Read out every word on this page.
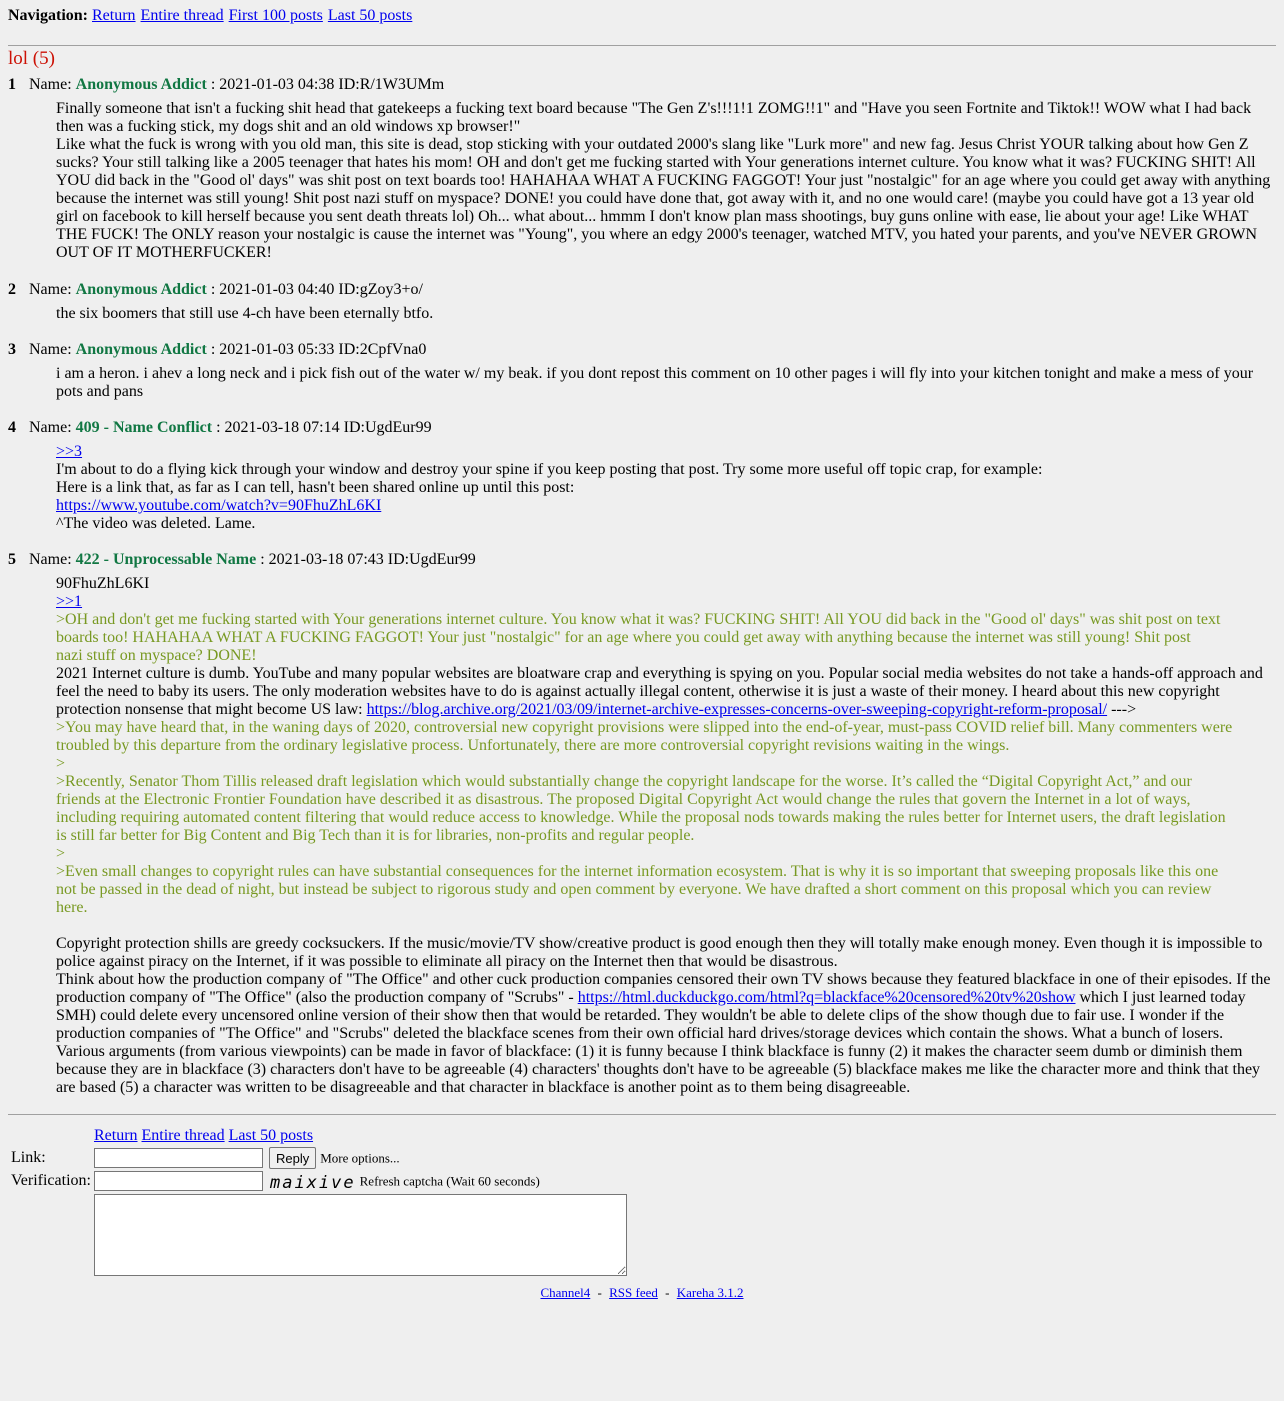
Navigation: Return Entire thread First 100 posts Last 50 posts
lol (5)
1 Name: Anonymous Addict : 2021-01-03 04:38 ID:R/1W3UMm

Finally someone that isn't a fucking shit head that gatekeeps a fucking text board because "The Gen Z's!!!1!1 ZOMG!!1" and "Have you seen Fortnite and Tiktok!! WOW what I had back then was a fucking stick, my dogs shit and an old windows xp browser!"

Like what the fuck is wrong with you old man, this site is dead, stop sticking with your outdated 2000's slang like "Lurk more" and new fag. Jesus Christ YOUR talking about how Gen Z sucks? Your still talking like a 2005 teenager that hates his mom! OH and don't get me fucking started with Your generations internet culture. You know what it was? FUCKING SHIT! All YOU did back in the "Good ol' days" was shit post on text boards too! HAHAHAA WHAT A FUCKING FAGGOT! Your just "nostalgic" for an age where you could get away with anything because the internet was still young! Shit post nazi stuff on myspace? DONE! you could have done that, got away with it, and no one would care! (maybe you could have got a 13 year old girl on facebook to kill herself because you sent death threats lol) Oh... what about... hmmm I don't know plan mass shootings, buy guns online with ease, lie about your age! Like WHAT THE FUCK! The ONLY reason your nostalgic is cause the internet was "Young", you where an edgy 2000's teenager, watched MTV, you hated your parents, and you've NEVER GROWN OUT OF IT MOTHERFUCKER!

2 Name: Anonymous Addict : 2021-01-03 04:40 ID:gZoy3+o/

the six boomers that still use 4-ch have been eternally btfo.

3 Name: Anonymous Addict : 2021-01-03 05:33 ID:2CpfVna0

i am a heron. i ahev a long neck and i pick fish out of the water w/ my beak. if you dont repost this comment on 10 other pages i will fly into your kitchen tonight and make a mess of your pots and pans

4 Name: 409 - Name Conflict : 2021-03-18 07:14 ID:UgdEur99

>>3

I'm about to do a flying kick through your window and destroy your spine if you keep posting that post. Try some more useful off topic crap, for example:

Here is a link that, as far as I can tell, hasn't been shared online up until this post:

https://www.youtube.com/watch?v=90FhuZhL6KI

^The video was deleted. Lame.

5 Name: 422 - Unprocessable Name : 2021-03-18 07:43 ID:UgdEur99

90FhuZhL6KI

>>1

>OH and don't get me fucking started with Your generations internet culture. You know what it was? FUCKING SHIT! All YOU did back in the "Good ol' days" was shit post on text boards too! HAHAHAA WHAT A FUCKING FAGGOT! Your just "nostalgic" for an age where you could get away with anything because the internet was still young! Shit post nazi stuff on myspace? DONE!

2021 Internet culture is dumb. YouTube and many popular websites are bloatware crap and everything is spying on you. Popular social media websites do not take a hands-off approach and feel the need to baby its users. The only moderation websites have to do is against actually illegal content, otherwise it is just a waste of their money. I heard about this new copyright protection nonsense that might become US law: https://blog.archive.org/2021/03/09/internet-archive-expresses-concerns-over-sweeping-copyright-reform-proposal/ --->

>You may have heard that, in the waning days of 2020, controversial new copyright provisions were slipped into the end-of-year, must-pass COVID relief bill. Many commenters were troubled by this departure from the ordinary legislative process. Unfortunately, there are more controversial copyright revisions waiting in the wings.

>

>Recently, Senator Thom Tillis released draft legislation which would substantially change the copyright landscape for the worse. It’s called the “Digital Copyright Act,” and our friends at the Electronic Frontier Foundation have described it as disastrous. The proposed Digital Copyright Act would change the rules that govern the Internet in a lot of ways, including requiring automated content filtering that would reduce access to knowledge. While the proposal nods towards making the rules better for Internet users, the draft legislation is still far better for Big Content and Big Tech than it is for libraries, non-profits and regular people.

>

>Even small changes to copyright rules can have substantial consequences for the internet information ecosystem. That is why it is so important that sweeping proposals like this one not be passed in the dead of night, but instead be subject to rigorous study and open comment by everyone. We have drafted a short comment on this proposal which you can review here.

Copyright protection shills are greedy cocksuckers. If the music/movie/TV show/creative product is good enough then they will totally make enough money. Even though it is impossible to police against piracy on the Internet, if it was possible to eliminate all piracy on the Internet then that would be disastrous.

Think about how the production company of "The Office" and other cuck production companies censored their own TV shows because they featured blackface in one of their episodes. If the production company of "The Office" (also the production company of "Scrubs" - https://html.duckduckgo.com/html?q=blackface%20censored%20tv%20show which I just learned today SMH) could delete every uncensored online version of their show then that would be retarded. They wouldn't be able to delete clips of the show though due to fair use. I wonder if the production companies of "The Office" and "Scrubs" deleted the blackface scenes from their own official hard drives/storage devices which contain the shows. What a bunch of losers.

Various arguments (from various viewpoints) can be made in favor of blackface: (1) it is funny because I think blackface is funny (2) it makes the character seem dumb or diminish them because they are in blackface (3) characters don't have to be agreeable (4) characters' thoughts don't have to be agreeable (5) blackface makes me like the character more and think that they are based (5) a character was written to be disagreeable and that character in blackface is another point as to them being disagreeable.

	Return Entire thread Last 50 posts
Link:	Reply More options...
Verification:	maixive Refresh captcha (Wait 60 seconds)

Channel4 - RSS feed - Kareha 3.1.2
